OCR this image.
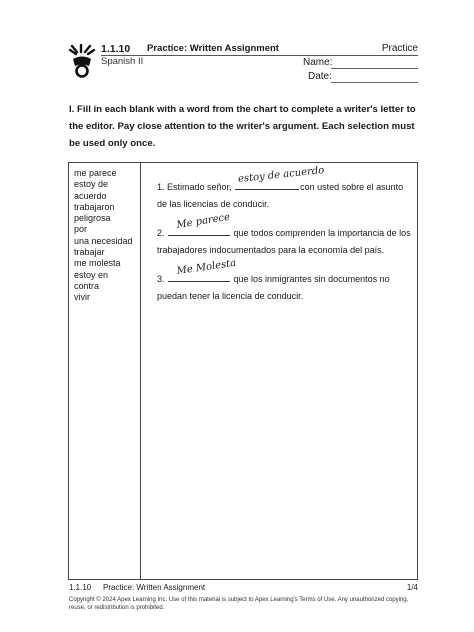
1.1.10 Practice: Written Assignment	Practice
Spanish II	Name:
Date:
I. Fill in each blank with a word from the chart to complete a writer's letter to the editor. Pay close attention to the writer's argument. Each selection must be used only once.
me parece
estoy de
acuerdo
trabajaron
peligrosa
por
una necesidad
trabajar
me molesta
estoy en
contra
vivir
1. Estimado señor,
estoy de acuerdo
con usted sobre el asunto de las licencias de conducir.
2.
Me parece
que todos comprenden la importancia de los trabajadores indocumentados para la economía del país.
3.
Me Molesta
que los inmigrantes sin documentos no puedan tener la licencia de conducir.
1.1.10 Practice: Written Assignment	1/4
Copyright © 2024 Apex Learning Inc. Use of this material is subject to Apex Learning's Terms of Use. Any unauthorized copying, reuse, or redistribution is prohibited.
